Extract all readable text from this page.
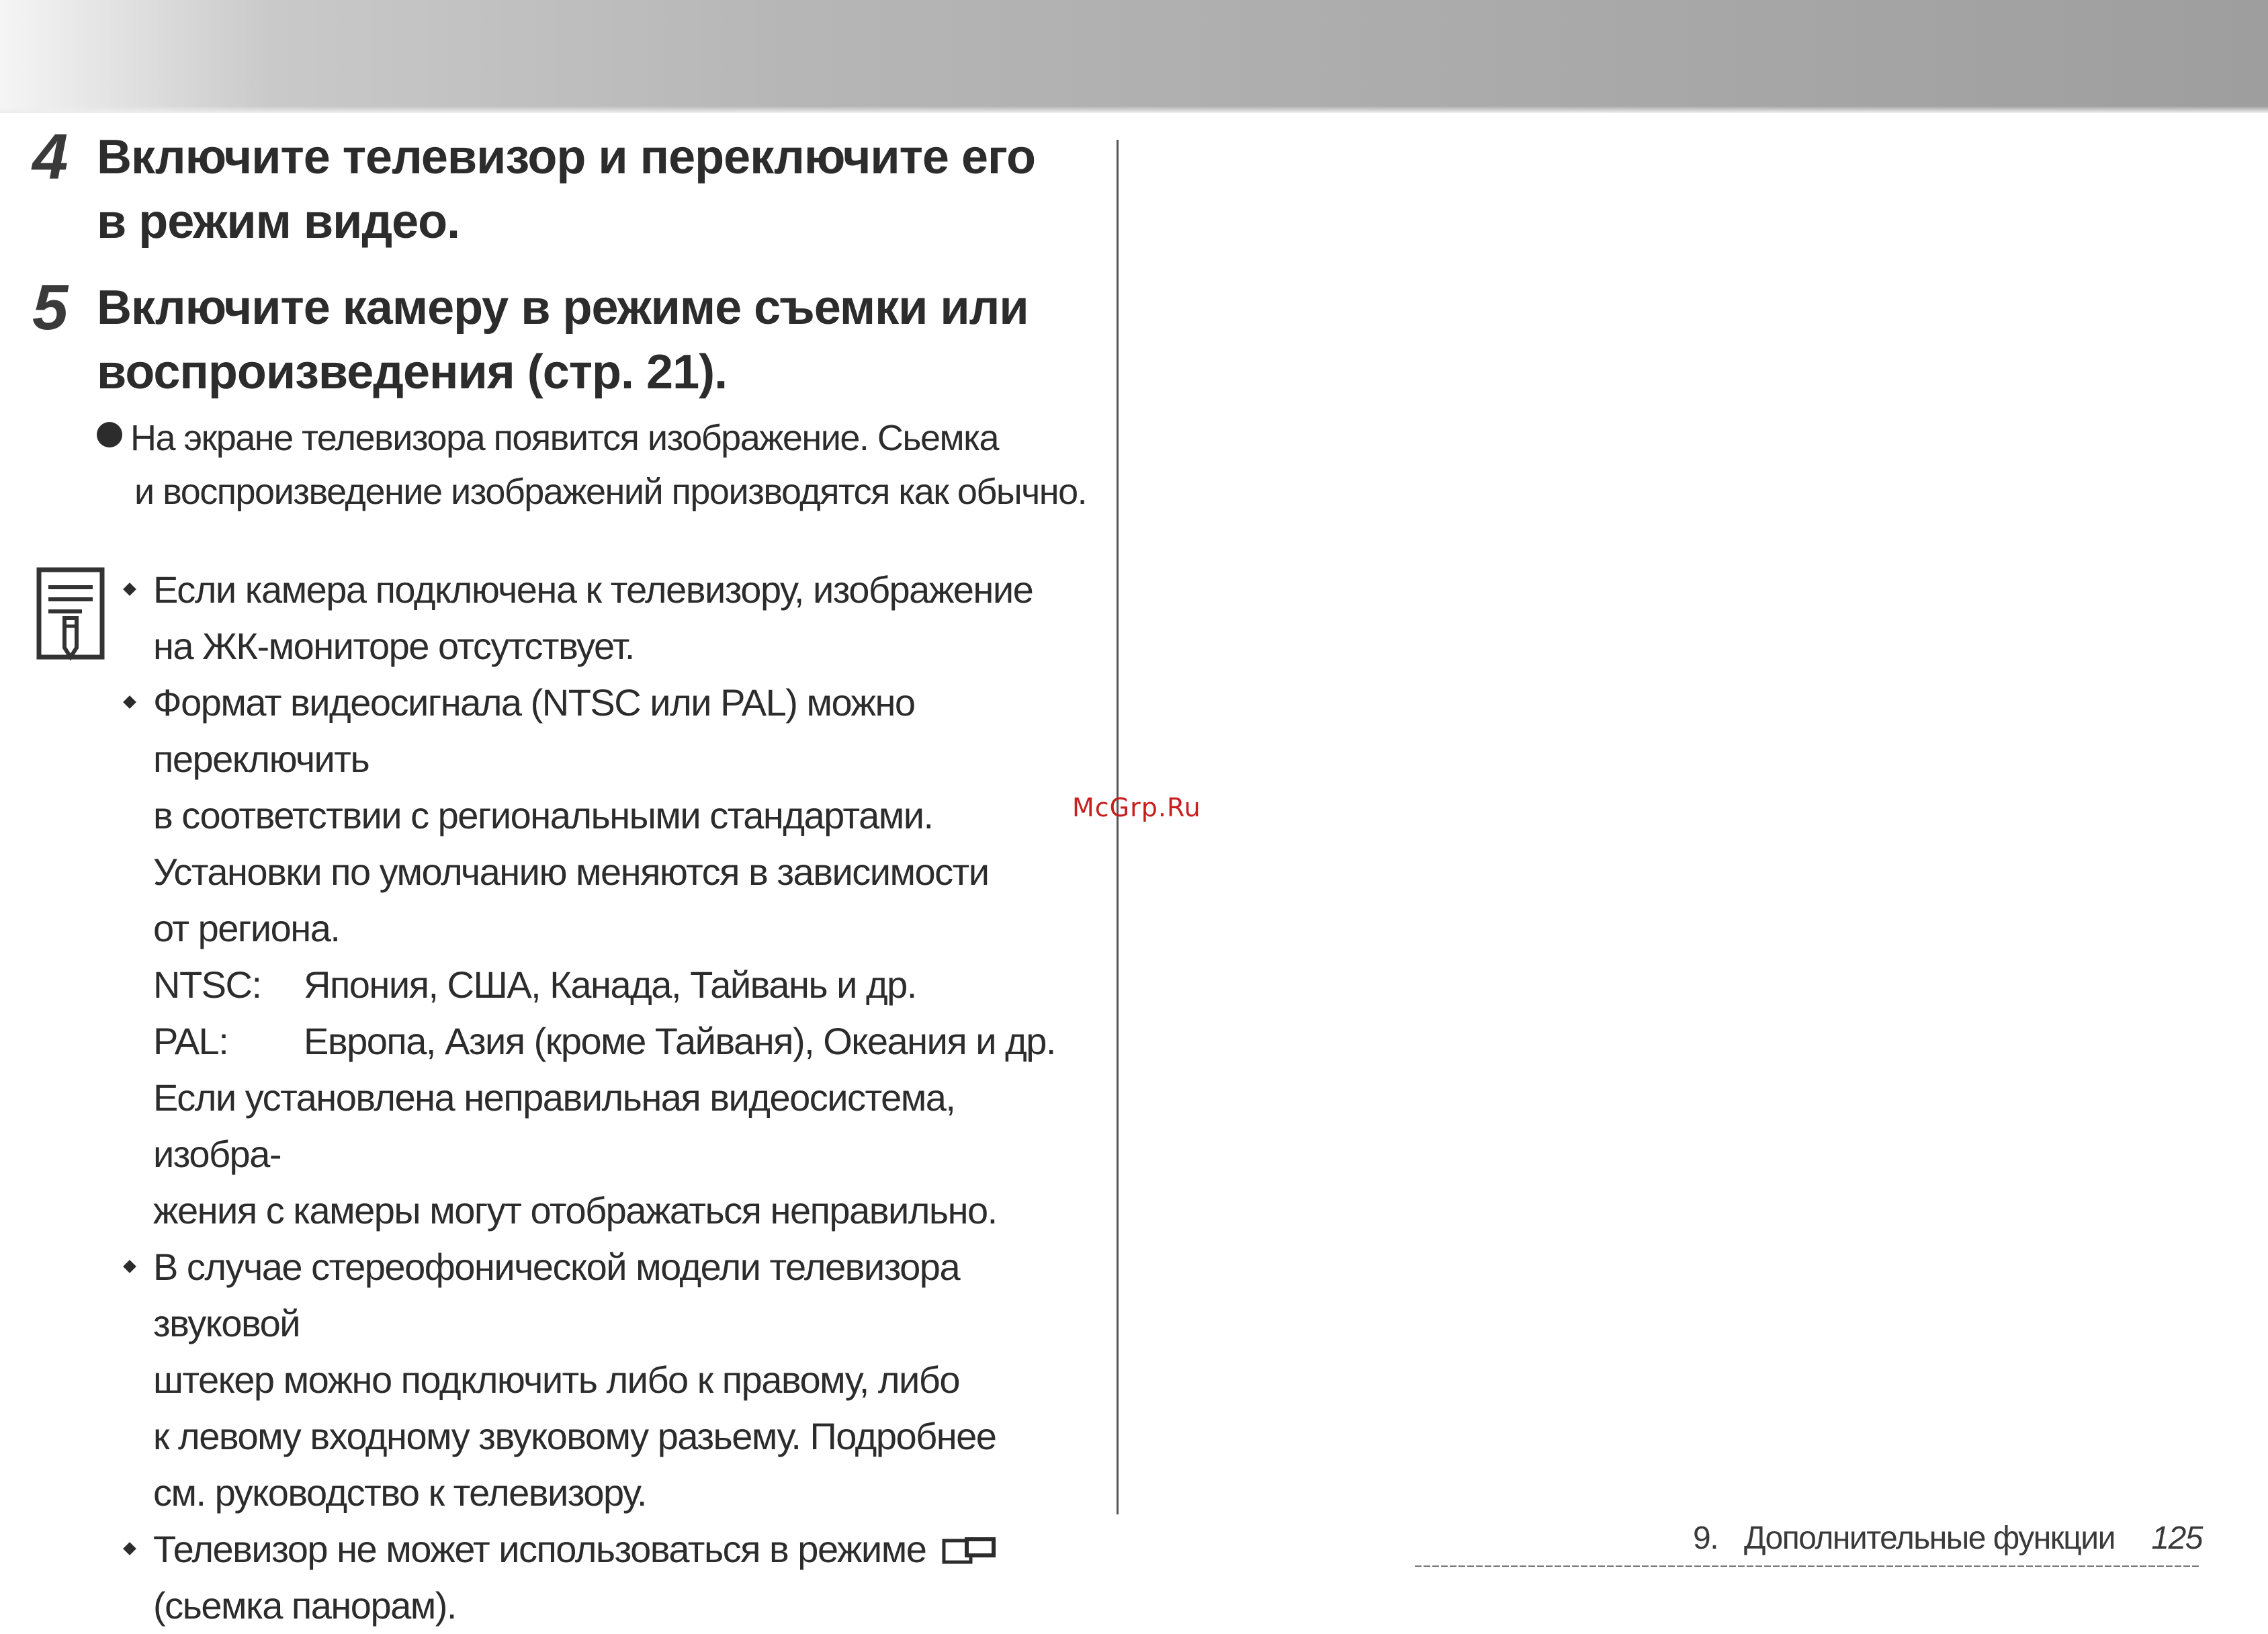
4 Включите телевизор и переключите его
в режим видео.
5 Включите камеру в режиме съемки или
воспроизведения (стр. 21).
На экране телевизора появится изображение. Сьемка
и воспроизведение изображений производятся как обычно.

Если камера подключена к телевизору, изображение

на ЖК-мониторе отсутствует.

Формат видеосигнала (NTSC или PAL) можно переключить

в соответствии с региональными стандартами.

Установки по умолчанию меняются в зависимости

от региона.

NTSC:	Япония, США, Канада, Тайвань и др.
PAL:	Европа, Азия (кроме Тайваня), Океания и др.

Если установлена неправильная видеосистема, изобра-

жения с камеры могут отображаться неправильно.

В случае стереофонической модели телевизора звуковой

штекер можно подключить либо к правому, либо

к левому входному звуковому разьему. Подробнее

см. руководство к телевизору.

Телевизор не может использоваться в режиме

(сьемка панорам).

McGrp.Ru
9. Дополнительные функции 125
